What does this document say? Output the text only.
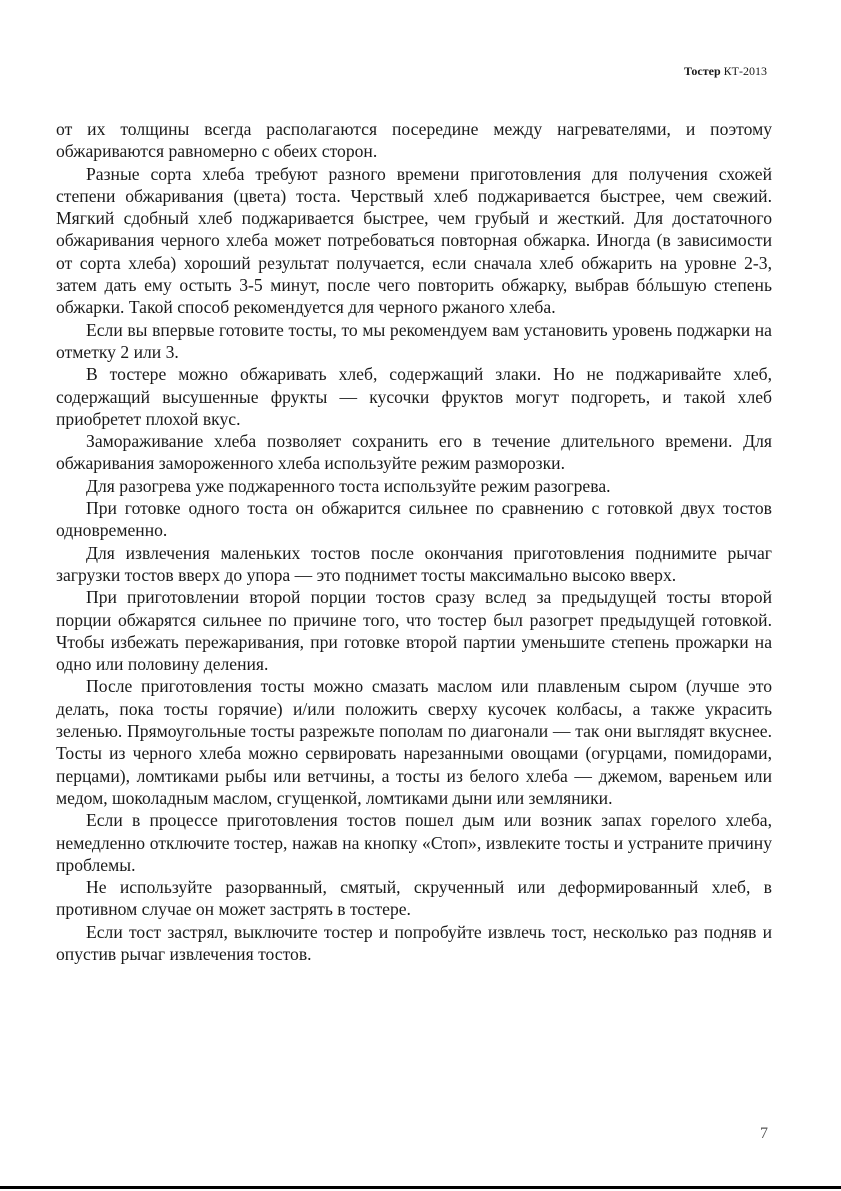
Тостер КТ-2013

от их толщины всегда располагаются посередине между нагревателями, и поэтому обжариваются равномерно с обеих сторон.

Разные сорта хлеба требуют разного времени приготовления для получения схожей степени обжаривания (цвета) тоста. Черствый хлеб поджаривается быстрее, чем свежий. Мягкий сдобный хлеб поджаривается быстрее, чем грубый и жесткий. Для достаточного обжаривания черного хлеба может потребоваться повторная обжарка. Иногда (в зависимости от сорта хлеба) хороший результат получается, если сначала хлеб обжарить на уровне 2-3, затем дать ему остыть 3-5 минут, после чего повторить обжарку, выбрав бóльшую степень обжарки. Такой способ рекомендуется для черного ржаного хлеба.

Если вы впервые готовите тосты, то мы рекомендуем вам установить уровень поджарки на отметку 2 или 3.

В тостере можно обжаривать хлеб, содержащий злаки. Но не поджаривайте хлеб, содержащий высушенные фрукты — кусочки фруктов могут подгореть, и такой хлеб приобретет плохой вкус.

Замораживание хлеба позволяет сохранить его в течение длительного времени. Для обжаривания замороженного хлеба используйте режим разморозки.

Для разогрева уже поджаренного тоста используйте режим разогрева.

При готовке одного тоста он обжарится сильнее по сравнению с готовкой двух тостов одновременно.

Для извлечения маленьких тостов после окончания приготовления поднимите рычаг загрузки тостов вверх до упора — это поднимет тосты максимально высоко вверх.

При приготовлении второй порции тостов сразу вслед за предыдущей тосты второй порции обжарятся сильнее по причине того, что тостер был разогрет предыдущей готовкой. Чтобы избежать пережаривания, при готовке второй партии уменьшите степень прожарки на одно или половину деления.

После приготовления тосты можно смазать маслом или плавленым сыром (лучше это делать, пока тосты горячие) и/или положить сверху кусочек колбасы, а также украсить зеленью. Прямоугольные тосты разрежьте пополам по диагонали — так они выглядят вкуснее. Тосты из черного хлеба можно сервировать нарезанными овощами (огурцами, помидорами, перцами), ломтиками рыбы или ветчины, а тосты из белого хлеба — джемом, вареньем или медом, шоколадным маслом, сгущенкой, ломтиками дыни или земляники.

Если в процессе приготовления тостов пошел дым или возник запах горелого хлеба, немедленно отключите тостер, нажав на кнопку «Стоп», извлеките тосты и устраните причину проблемы.

Не используйте разорванный, смятый, скрученный или деформированный хлеб, в противном случае он может застрять в тостере.

Если тост застрял, выключите тостер и попробуйте извлечь тост, несколько раз подняв и опустив рычаг извлечения тостов.

7
